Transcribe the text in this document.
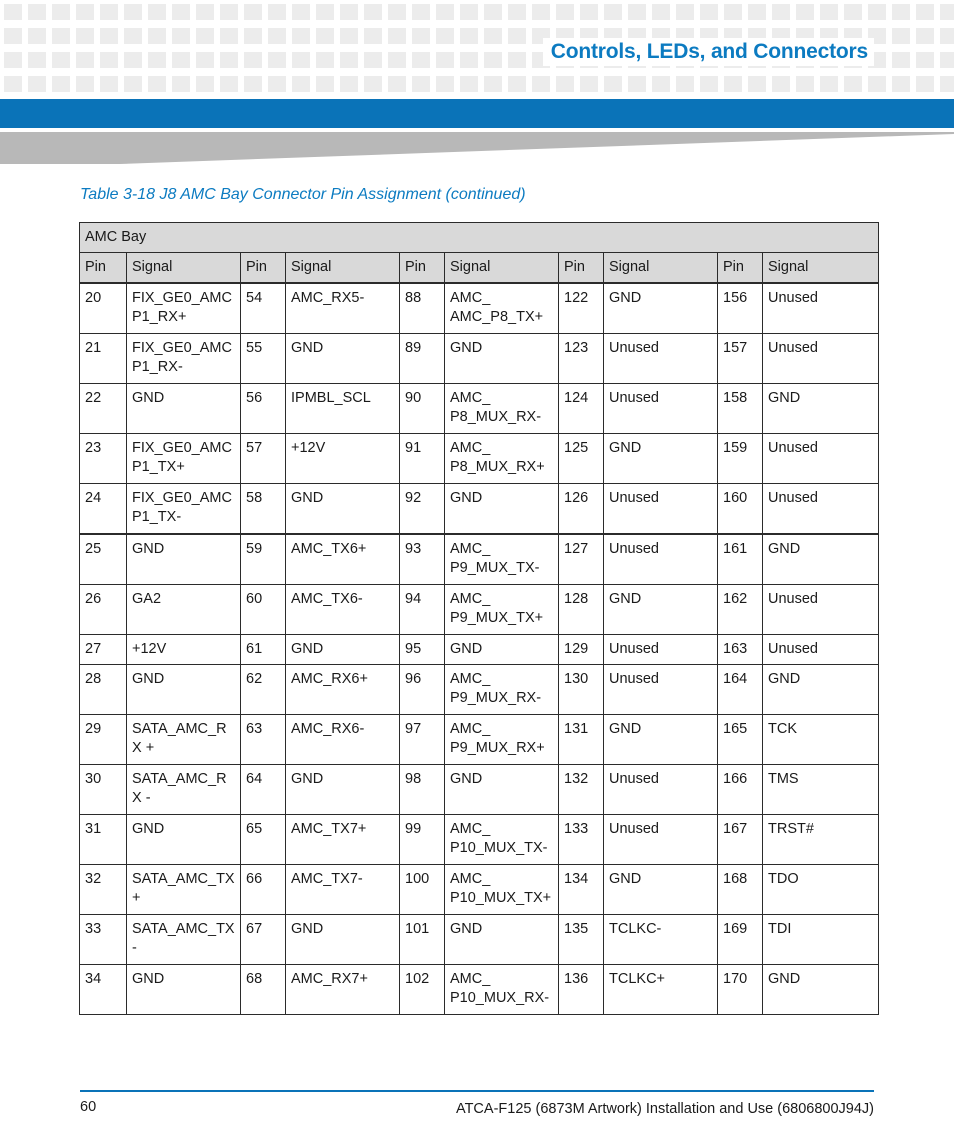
Controls, LEDs, and Connectors
Table 3-18 J8 AMC Bay Connector Pin Assignment (continued)
AMC Bay									
Pin	Signal	Pin	Signal	Pin	Signal	Pin	Signal	Pin	Signal
20	FIX_GE0_AMC P1_RX+	54	AMC_RX5-	88	AMC_ AMC_P8_TX+	122	GND	156	Unused
21	FIX_GE0_AMC P1_RX-	55	GND	89	GND	123	Unused	157	Unused
22	GND	56	IPMBL_SCL	90	AMC_ P8_MUX_RX-	124	Unused	158	GND
23	FIX_GE0_AMC P1_TX+	57	+12V	91	AMC_ P8_MUX_RX+	125	GND	159	Unused
24	FIX_GE0_AMC P1_TX-	58	GND	92	GND	126	Unused	160	Unused
25	GND	59	AMC_TX6+	93	AMC_ P9_MUX_TX-	127	Unused	161	GND
26	GA2	60	AMC_TX6-	94	AMC_ P9_MUX_TX+	128	GND	162	Unused
27	+12V	61	GND	95	GND	129	Unused	163	Unused
28	GND	62	AMC_RX6+	96	AMC_ P9_MUX_RX-	130	Unused	164	GND
29	SATA_AMC_RX +	63	AMC_RX6-	97	AMC_ P9_MUX_RX+	131	GND	165	TCK
30	SATA_AMC_RX -	64	GND	98	GND	132	Unused	166	TMS
31	GND	65	AMC_TX7+	99	AMC_ P10_MUX_TX-	133	Unused	167	TRST#
32	SATA_AMC_TX +	66	AMC_TX7-	100	AMC_ P10_MUX_TX+	134	GND	168	TDO
33	SATA_AMC_TX -	67	GND	101	GND	135	TCLKC-	169	TDI
34	GND	68	AMC_RX7+	102	AMC_ P10_MUX_RX-	136	TCLKC+	170	GND
60	ATCA-F125 (6873M Artwork) Installation and Use (6806800J94J)
